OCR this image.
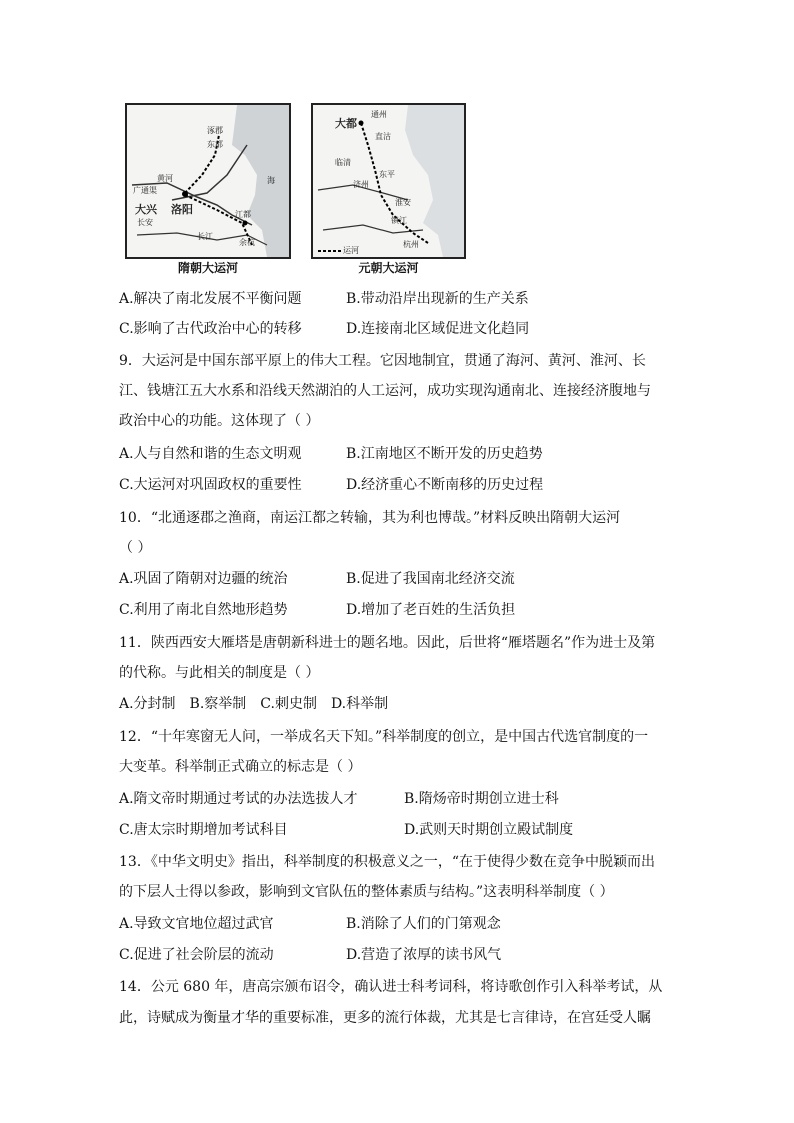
涿郡
东都
大兴 洛阳
广通渠
长安
江都
余杭
长江
黄河	海
隋朝大运河
大都
通州
直沽
临清
东平
济州
杭州
镇江
淮安
运河
元朝大运河
A.解决了南北发展不平衡问题	B.带动沿岸出现新的生产关系
C.影响了古代政治中心的转移	D.连接南北区域促进文化趋同
9．大运河是中国东部平原上的伟大工程。它因地制宜，贯通了海河、黄河、淮河、长
江、钱塘江五大水系和沿线天然湖泊的人工运河，成功实现沟通南北、连接经济腹地与
政治中心的功能。这体现了（ ）
A.人与自然和谐的生态文明观	B.江南地区不断开发的历史趋势
C.大运河对巩固政权的重要性	D.经济重心不断南移的历史过程
10．“北通逐郡之渔商，南运江都之转输，其为利也博哉。”材料反映出隋朝大运河
（ ）
A.巩固了隋朝对边疆的统治	B.促进了我国南北经济交流
C.利用了南北自然地形趋势	D.增加了老百姓的生活负担
11．陕西西安大雁塔是唐朝新科进士的题名地。因此，后世将“雁塔题名”作为进士及第
的代称。与此相关的制度是（ ）
A.分封制　B.察举制　C.刺史制　D.科举制
12．“十年寒窗无人问，一举成名天下知。”科举制度的创立，是中国古代选官制度的一
大变革。科举制正式确立的标志是（ ）
A.隋文帝时期通过考试的办法选拔人才	B.隋炀帝时期创立进士科
C.唐太宗时期增加考试科目	D.武则天时期创立殿试制度
13．《中华文明史》指出，科举制度的积极意义之一，“在于使得少数在竞争中脱颖而出
的下层人士得以参政，影响到文官队伍的整体素质与结构。”这表明科举制度（ ）
A.导致文官地位超过武官	B.消除了人们的门第观念
C.促进了社会阶层的流动	D.营造了浓厚的读书风气
14．公元 680 年，唐高宗颁布诏令，确认进士科考词科，将诗歌创作引入科举考试，从
此，诗赋成为衡量才华的重要标准，更多的流行体裁，尤其是七言律诗，在宫廷受人瞩
